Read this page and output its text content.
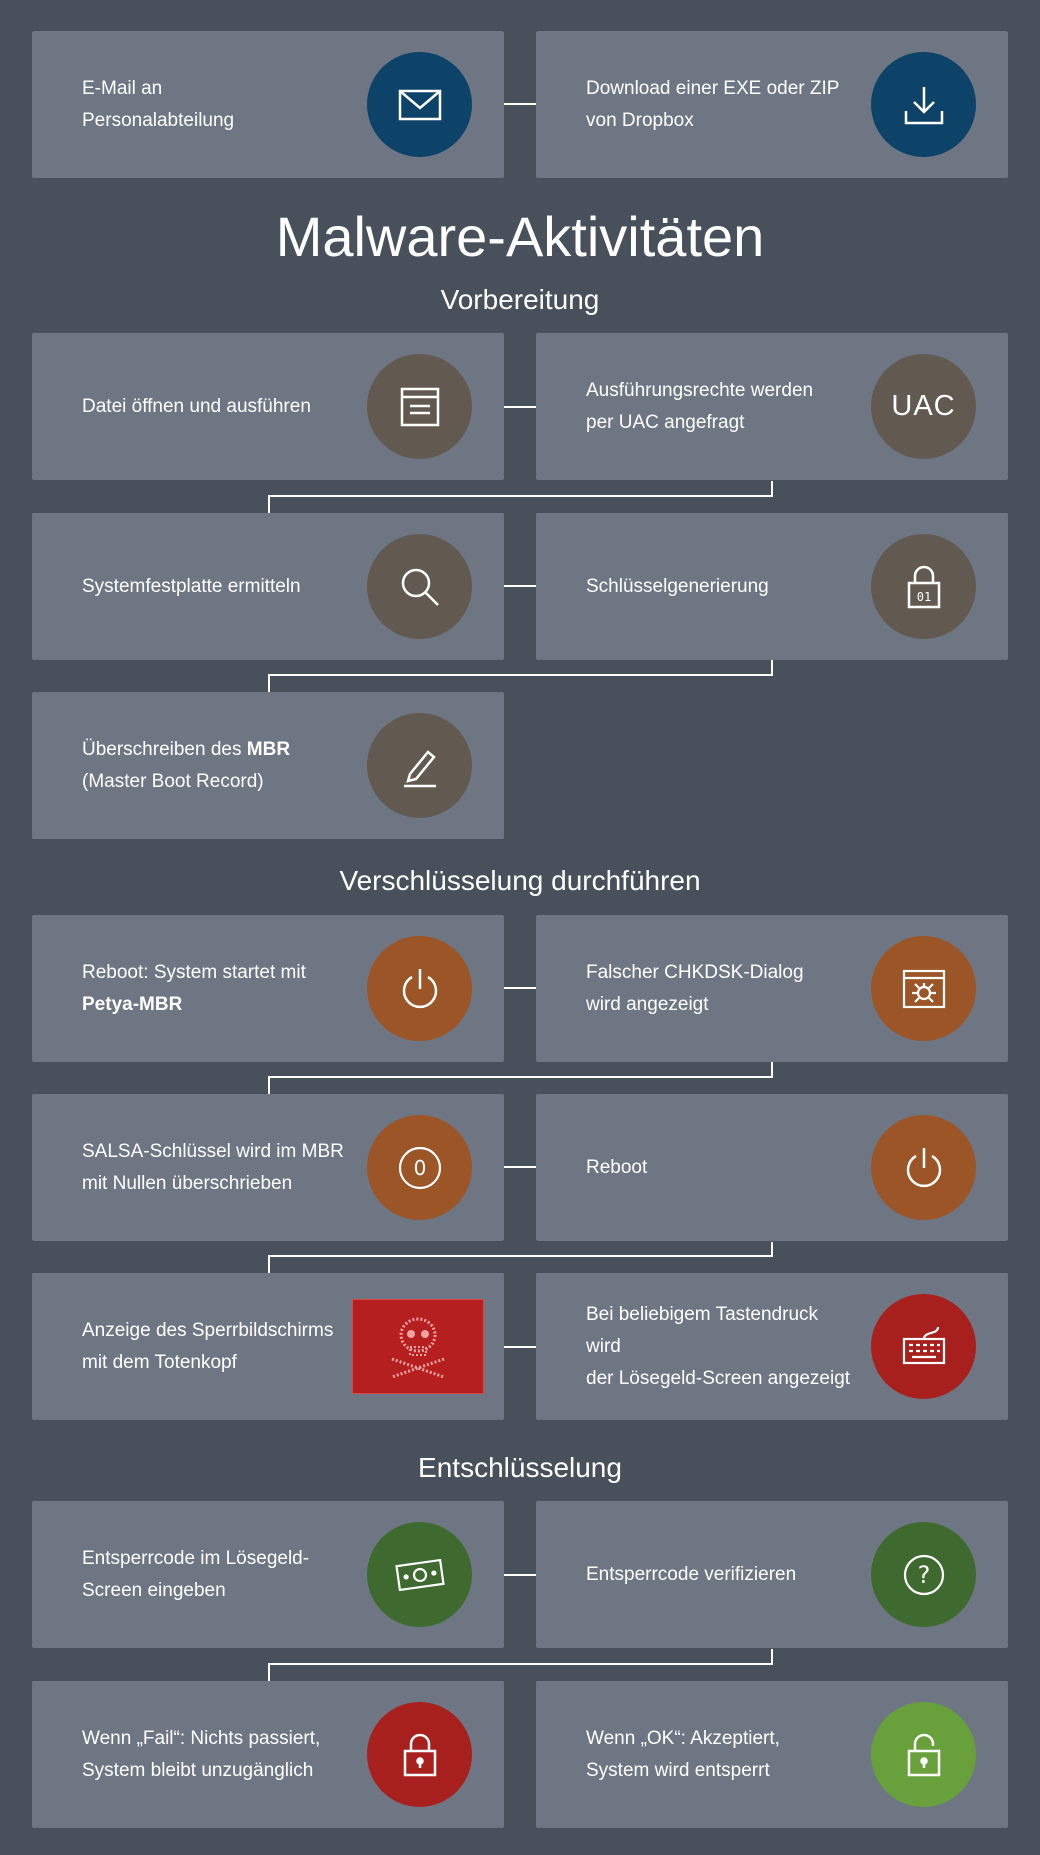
E-Mail an
Personalabteilung
Download einer EXE oder ZIP
von Dropbox
Malware-Aktivitäten
Vorbereitung
Datei öffnen und ausführen
Ausführungsrechte werden
per UAC angefragt	UAC
Systemfestplatte ermitteln	Schlüsselgenerierung	01
Überschreiben des MBR
(Master Boot Record)
Verschlüsselung durchführen
Reboot: System startet mit
Petya-MBR
Falscher CHKDSK-Dialog
wird angezeigt
SALSA-Schlüssel wird im MBR
mit Nullen überschrieben
0	Reboot
Anzeige des Sperrbildschirms
mit dem Totenkopf
Bei beliebigem Tastendruck wird
der Lösegeld-Screen angezeigt
Entschlüsselung
Entsperrcode im Lösegeld-
Screen eingeben
Entsperrcode verifizieren	?
Wenn „Fail“: Nichts passiert,
System bleibt unzugänglich
Wenn „OK“: Akzeptiert,
System wird entsperrt
